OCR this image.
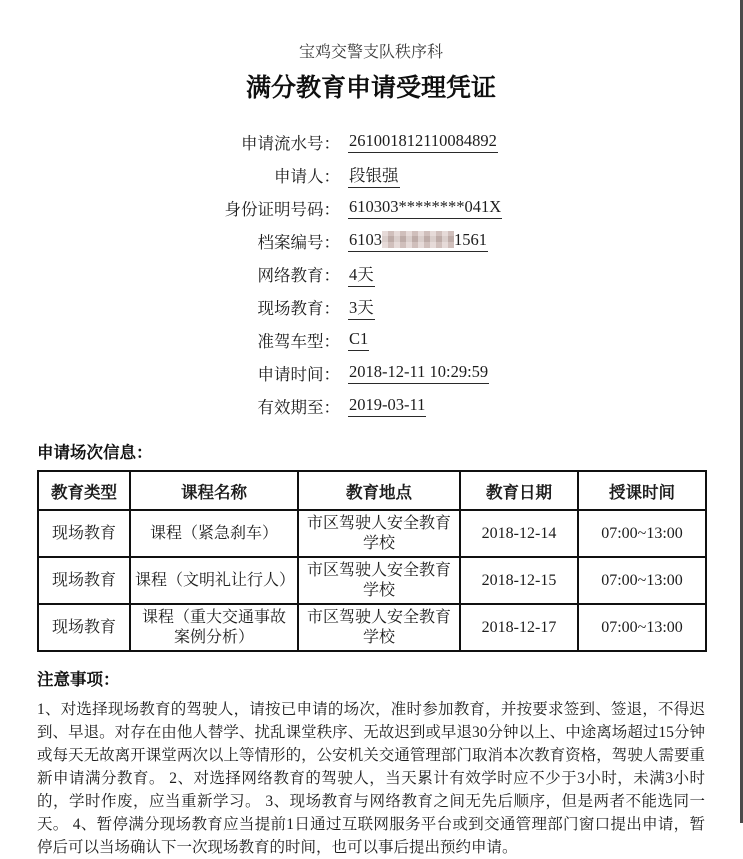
宝鸡交警支队秩序科
满分教育申请受理凭证
申请流水号： 261001812110084892
申请人： 段银强
身份证明号码： 610303********041X
档案编号： 6103	1561
网络教育： 4天
现场教育： 3天
准驾车型： C1
申请时间： 2018-12-11 10:29:59
有效期至： 2019-03-11
申请场次信息：
教育类型	课程名称	教育地点	教育日期	授课时间
现场教育	课程（紧急刹车）	市区驾驶人安全教育学校	2018-12-14	07:00~13:00
现场教育	课程（文明礼让行人）	市区驾驶人安全教育学校	2018-12-15	07:00~13:00
现场教育	课程（重大交通事故案例分析）	市区驾驶人安全教育学校	2018-12-17	07:00~13:00
注意事项：

1、对选择现场教育的驾驶人，请按已申请的场次，准时参加教育，并按要求签到、签退，不得迟到、早退。对存在由他人替学、扰乱课堂秩序、无故迟到或早退30分钟以上、中途离场超过15分钟或每天无故离开课堂两次以上等情形的，公安机关交通管理部门取消本次教育资格，驾驶人需要重新申请满分教育。 2、对选择网络教育的驾驶人，当天累计有效学时应不少于3小时，未满3小时的，学时作废，应当重新学习。 3、现场教育与网络教育之间无先后顺序，但是两者不能选同一天。 4、暂停满分现场教育应当提前1日通过互联网服务平台或到交通管理部门窗口提出申请，暂停后可以当场确认下一次现场教育的时间，也可以事后提出预约申请。
